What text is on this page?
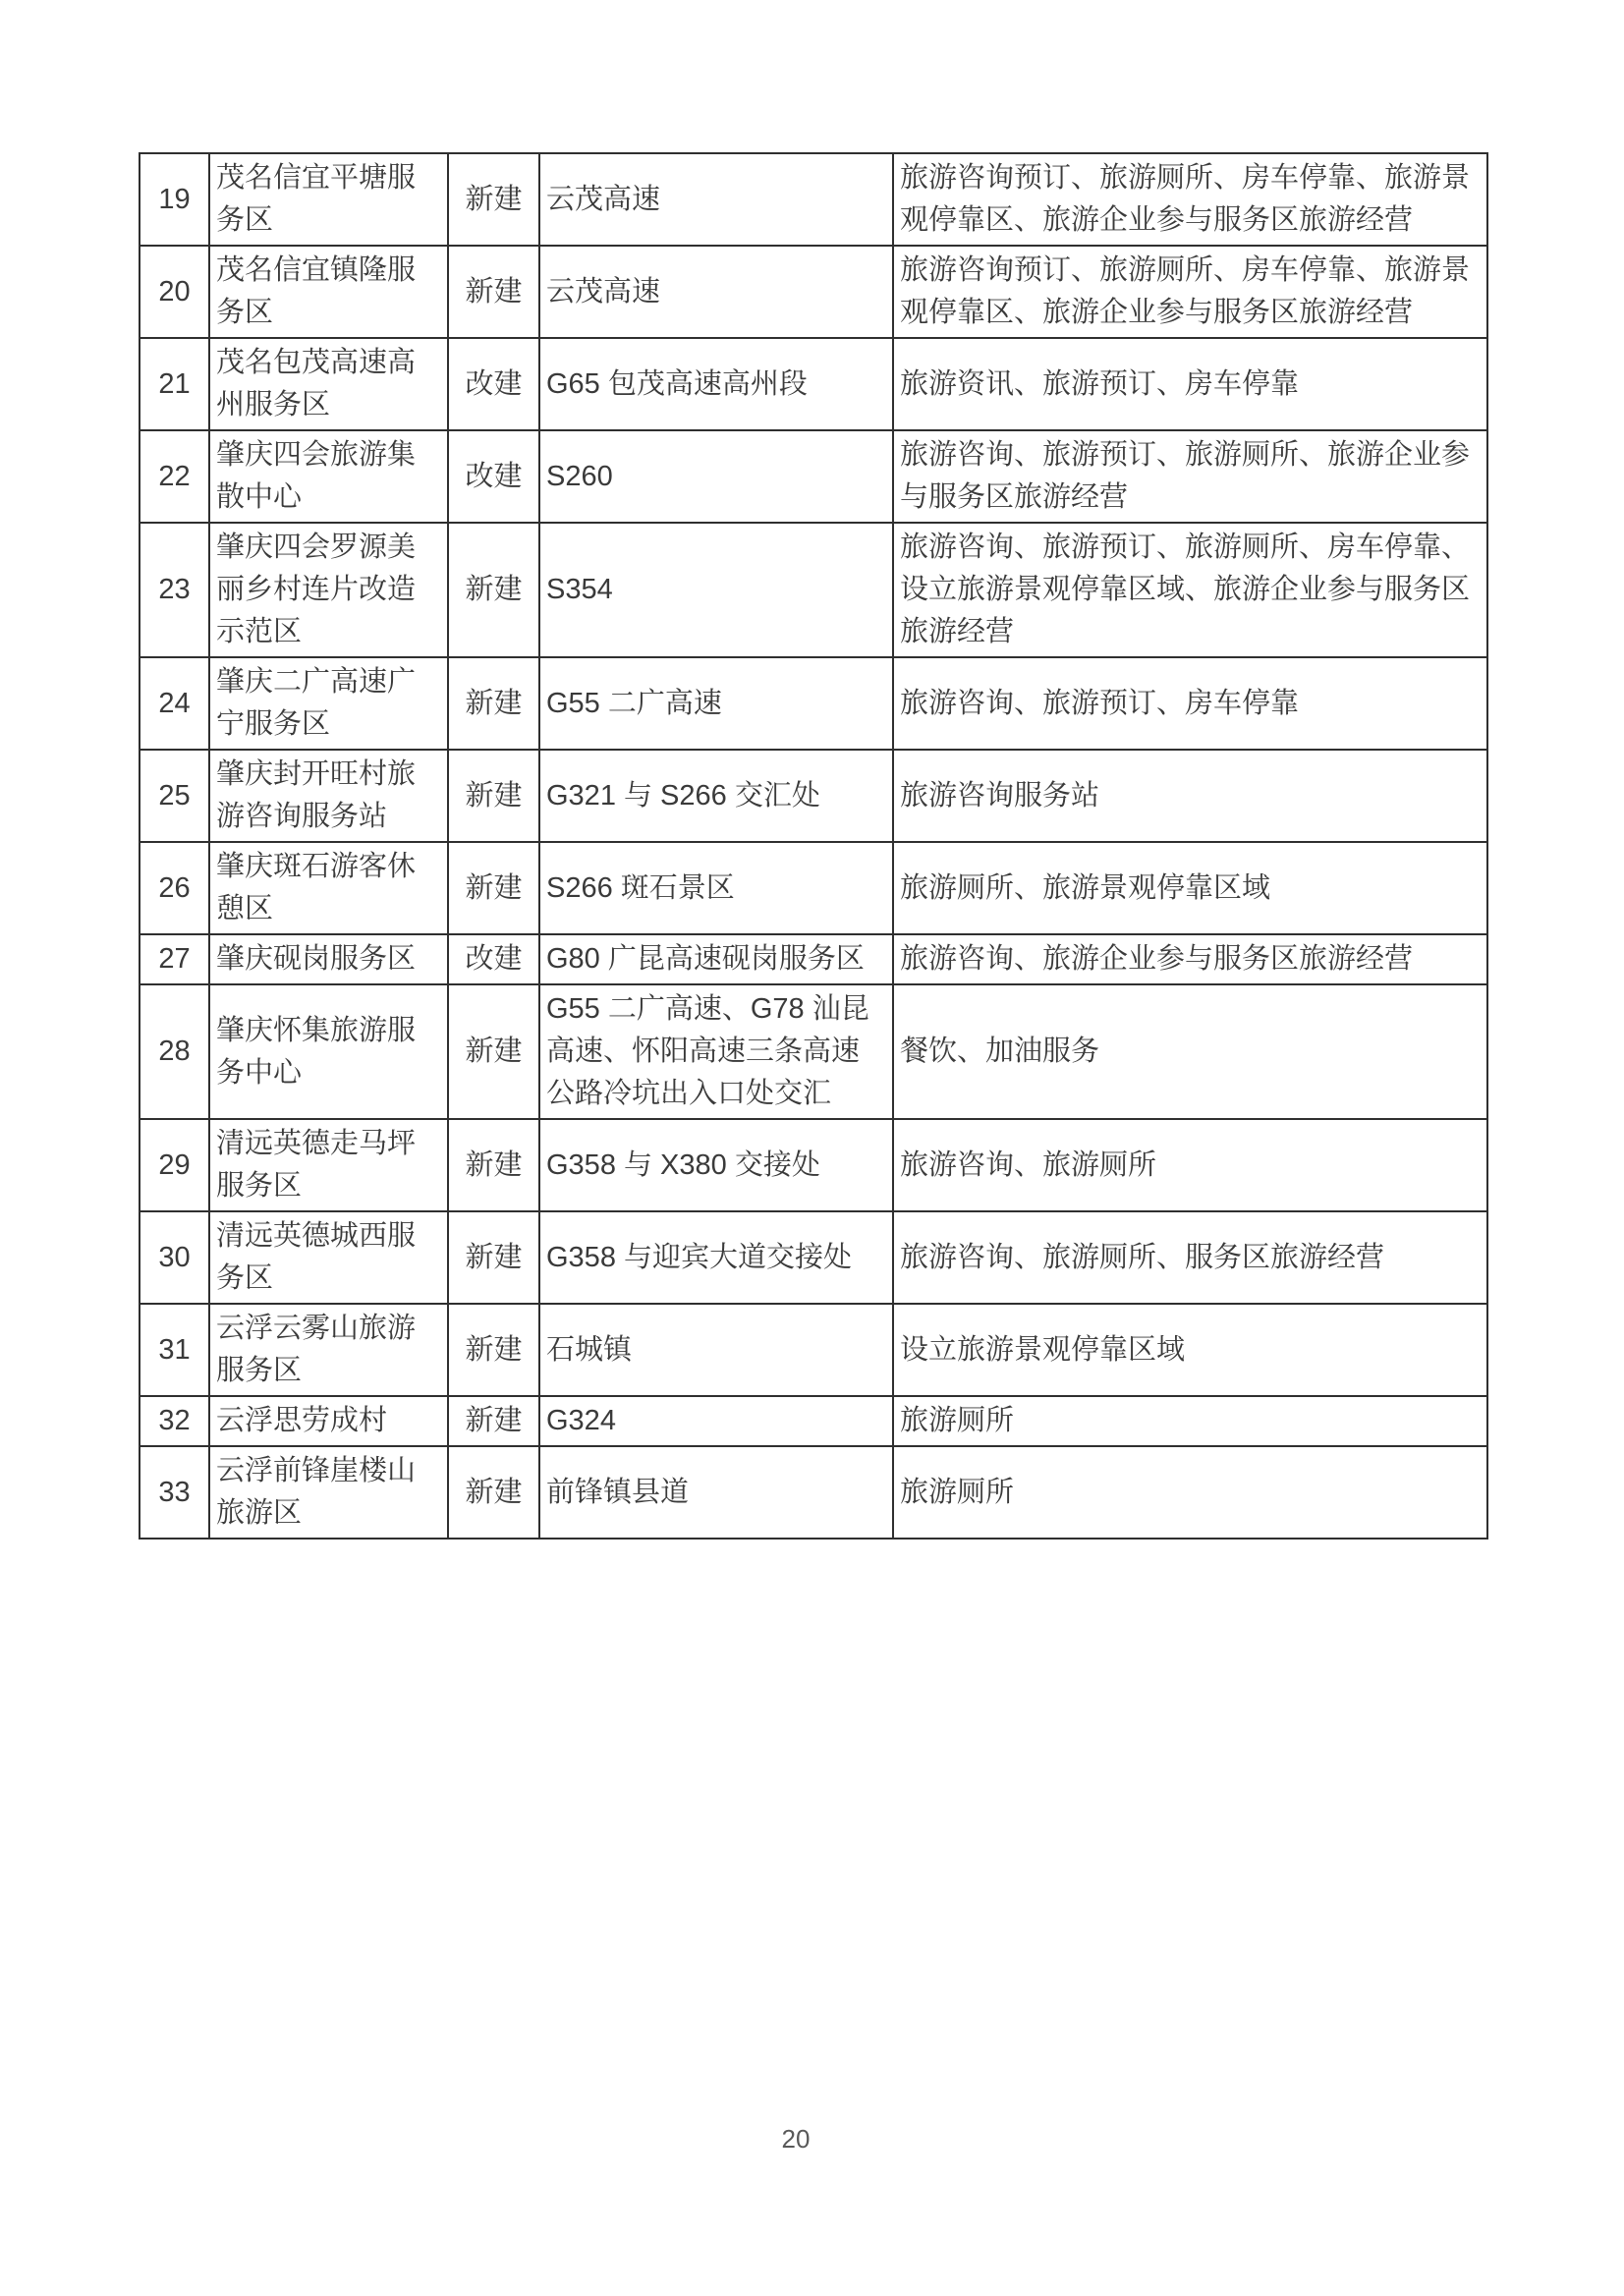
19	茂名信宜平塘服务区	新建	云茂高速	旅游咨询预订、旅游厕所、房车停靠、旅游景观停靠区、旅游企业参与服务区旅游经营
20	茂名信宜镇隆服务区	新建	云茂高速	旅游咨询预订、旅游厕所、房车停靠、旅游景观停靠区、旅游企业参与服务区旅游经营
21	茂名包茂高速高州服务区	改建	G65 包茂高速高州段	旅游资讯、旅游预订、房车停靠
22	肇庆四会旅游集散中心	改建	S260	旅游咨询、旅游预订、旅游厕所、旅游企业参与服务区旅游经营
23	肇庆四会罗源美丽乡村连片改造示范区	新建	S354	旅游咨询、旅游预订、旅游厕所、房车停靠、设立旅游景观停靠区域、旅游企业参与服务区旅游经营
24	肇庆二广高速广宁服务区	新建	G55 二广高速	旅游咨询、旅游预订、房车停靠
25	肇庆封开旺村旅游咨询服务站	新建	G321 与 S266 交汇处	旅游咨询服务站
26	肇庆斑石游客休憩区	新建	S266 斑石景区	旅游厕所、旅游景观停靠区域
27	肇庆砚岗服务区	改建	G80 广昆高速砚岗服务区	旅游咨询、旅游企业参与服务区旅游经营
28	肇庆怀集旅游服务中心	新建	G55 二广高速、G78 汕昆高速、怀阳高速三条高速公路冷坑出入口处交汇	餐饮、加油服务
29	清远英德走马坪服务区	新建	G358 与 X380 交接处	旅游咨询、旅游厕所
30	清远英德城西服务区	新建	G358 与迎宾大道交接处	旅游咨询、旅游厕所、服务区旅游经营
31	云浮云雾山旅游服务区	新建	石城镇	设立旅游景观停靠区域
32	云浮思劳成村	新建	G324	旅游厕所
33	云浮前锋崖楼山旅游区	新建	前锋镇县道	旅游厕所
20
